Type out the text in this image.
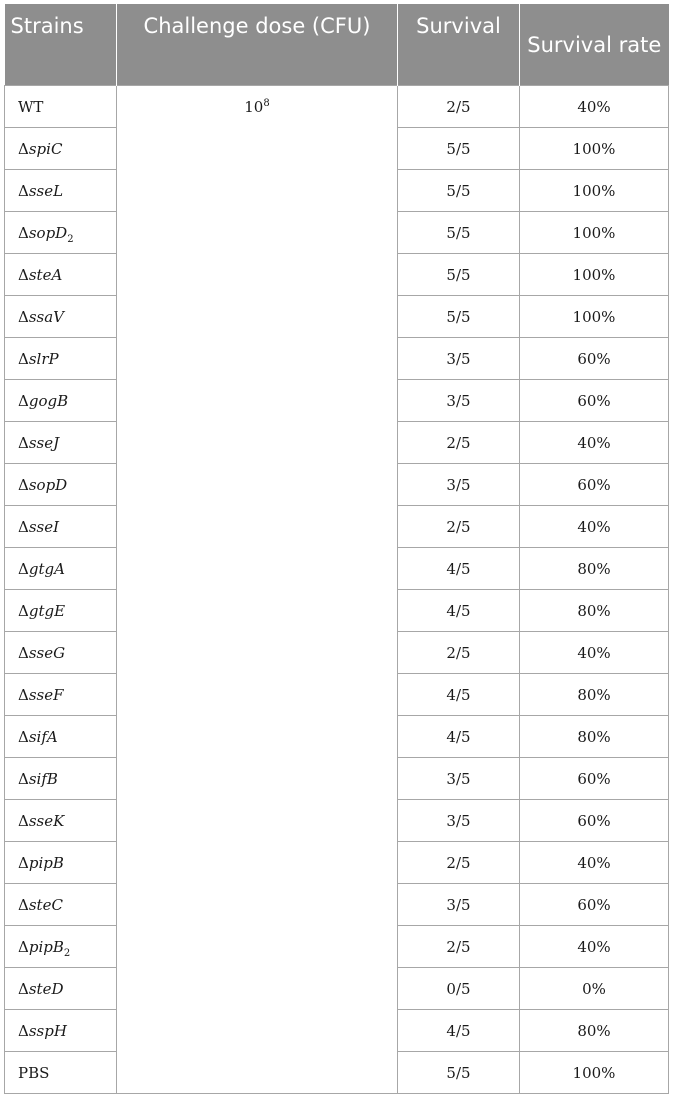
Strains	Challenge dose (CFU)	Survival	Survival rate
WT	$10^8$	2/5	40%
ΔspiC		5/5	100%
ΔsseL		5/5	100%
ΔsopD$_2$		5/5	100%
ΔsteA		5/5	100%
ΔssaV		5/5	100%
ΔslrP		3/5	60%
ΔgogB		3/5	60%
ΔsseJ		2/5	40%
ΔsopD		3/5	60%
ΔsseI		2/5	40%
ΔgtgA		4/5	80%
ΔgtgE		4/5	80%
ΔsseG		2/5	40%
ΔsseF		4/5	80%
ΔsifA		4/5	80%
ΔsifB		3/5	60%
ΔsseK		3/5	60%
ΔpipB		2/5	40%
ΔsteC		3/5	60%
ΔpipB$_2$		2/5	40%
ΔsteD		0/5	0%
ΔsspH		4/5	80%
PBS		5/5	100%
